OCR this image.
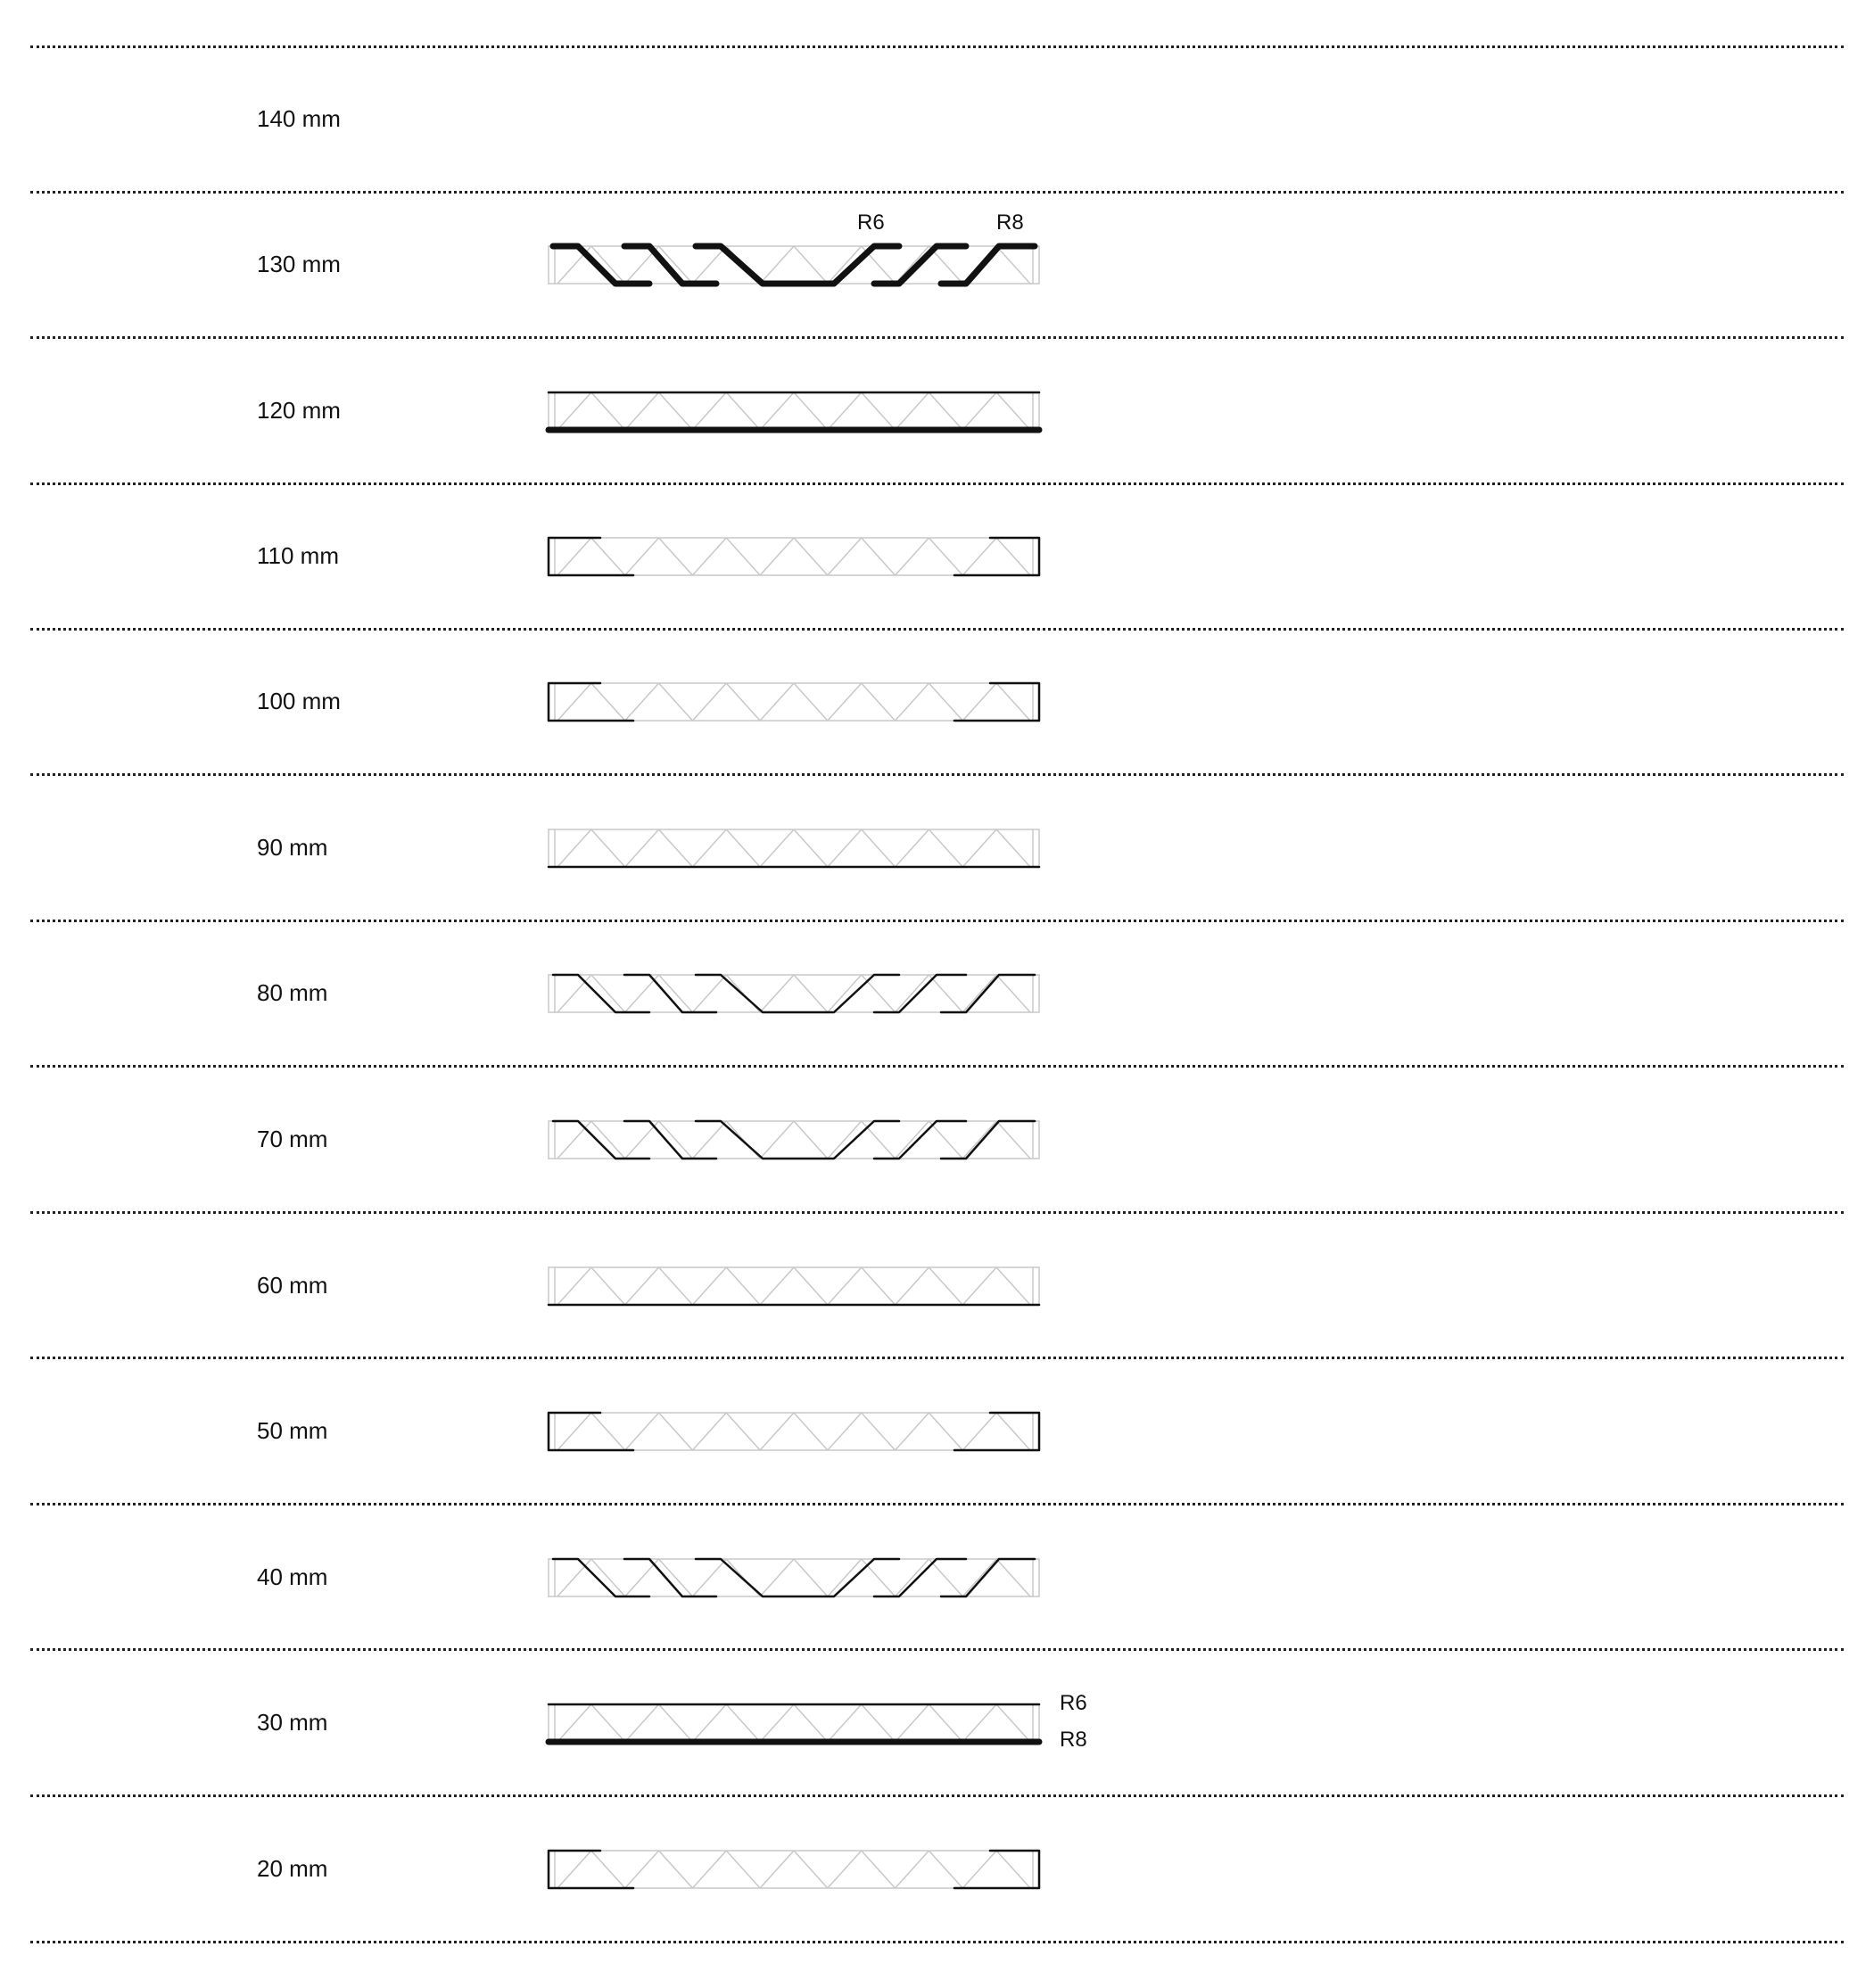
140 mm
130 mm
R6	R8
120 mm
110 mm
100 mm
90 mm
80 mm
70 mm
60 mm
50 mm
40 mm
30 mm
R6
R8
20 mm
